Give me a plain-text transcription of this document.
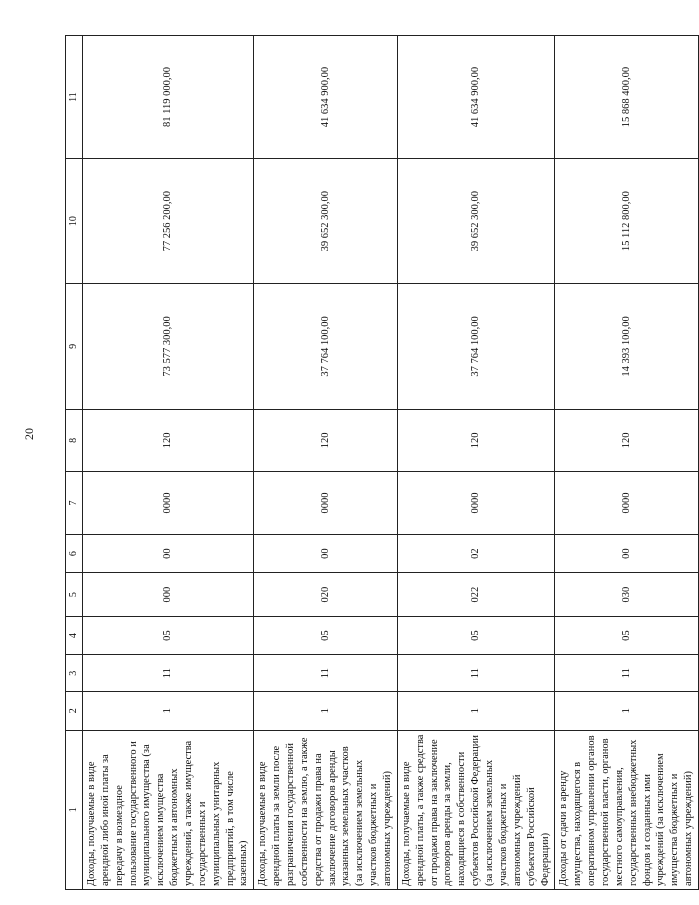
20
1	2	3	4	5	6	7	8	9	10	11
Доходы, получаемые в виде арендной либо иной платы за передачу в возмездное пользование государственного и муниципального имущества (за исключением имущества бюджетных и автономных учреждений, а также имущества государственных и муниципальных унитарных предприятий, в том числе казенных)	1	11	05	000	00	0000	120	73 577 300,00	77 256 200,00	81 119 000,00
Доходы, получаемые в виде арендной платы за земли после разграничения государственной собственности на землю, а также средства от продажи права на заключение договоров аренды указанных земельных участков (за исключением земельных участков бюджетных и автономных учреждений)	1	11	05	020	00	0000	120	37 764 100,00	39 652 300,00	41 634 900,00
Доходы, получаемые в виде арендной платы, а также средства от продажи права на заключение договоров аренды за земли, находящиеся в собственности субъектов Российской Федерации (за исключением земельных участков бюджетных и автономных учреждений субъектов Российской Федерации)	1	11	05	022	02	0000	120	37 764 100,00	39 652 300,00	41 634 900,00
Доходы от сдачи в аренду имущества, находящегося в оперативном управлении органов государственной власти, органов местного самоуправления, государственных внебюджетных фондов и созданных ими учреждений (за исключением имущества бюджетных и автономных учреждений)	1	11	05	030	00	0000	120	14 393 100,00	15 112 800,00	15 868 400,00
